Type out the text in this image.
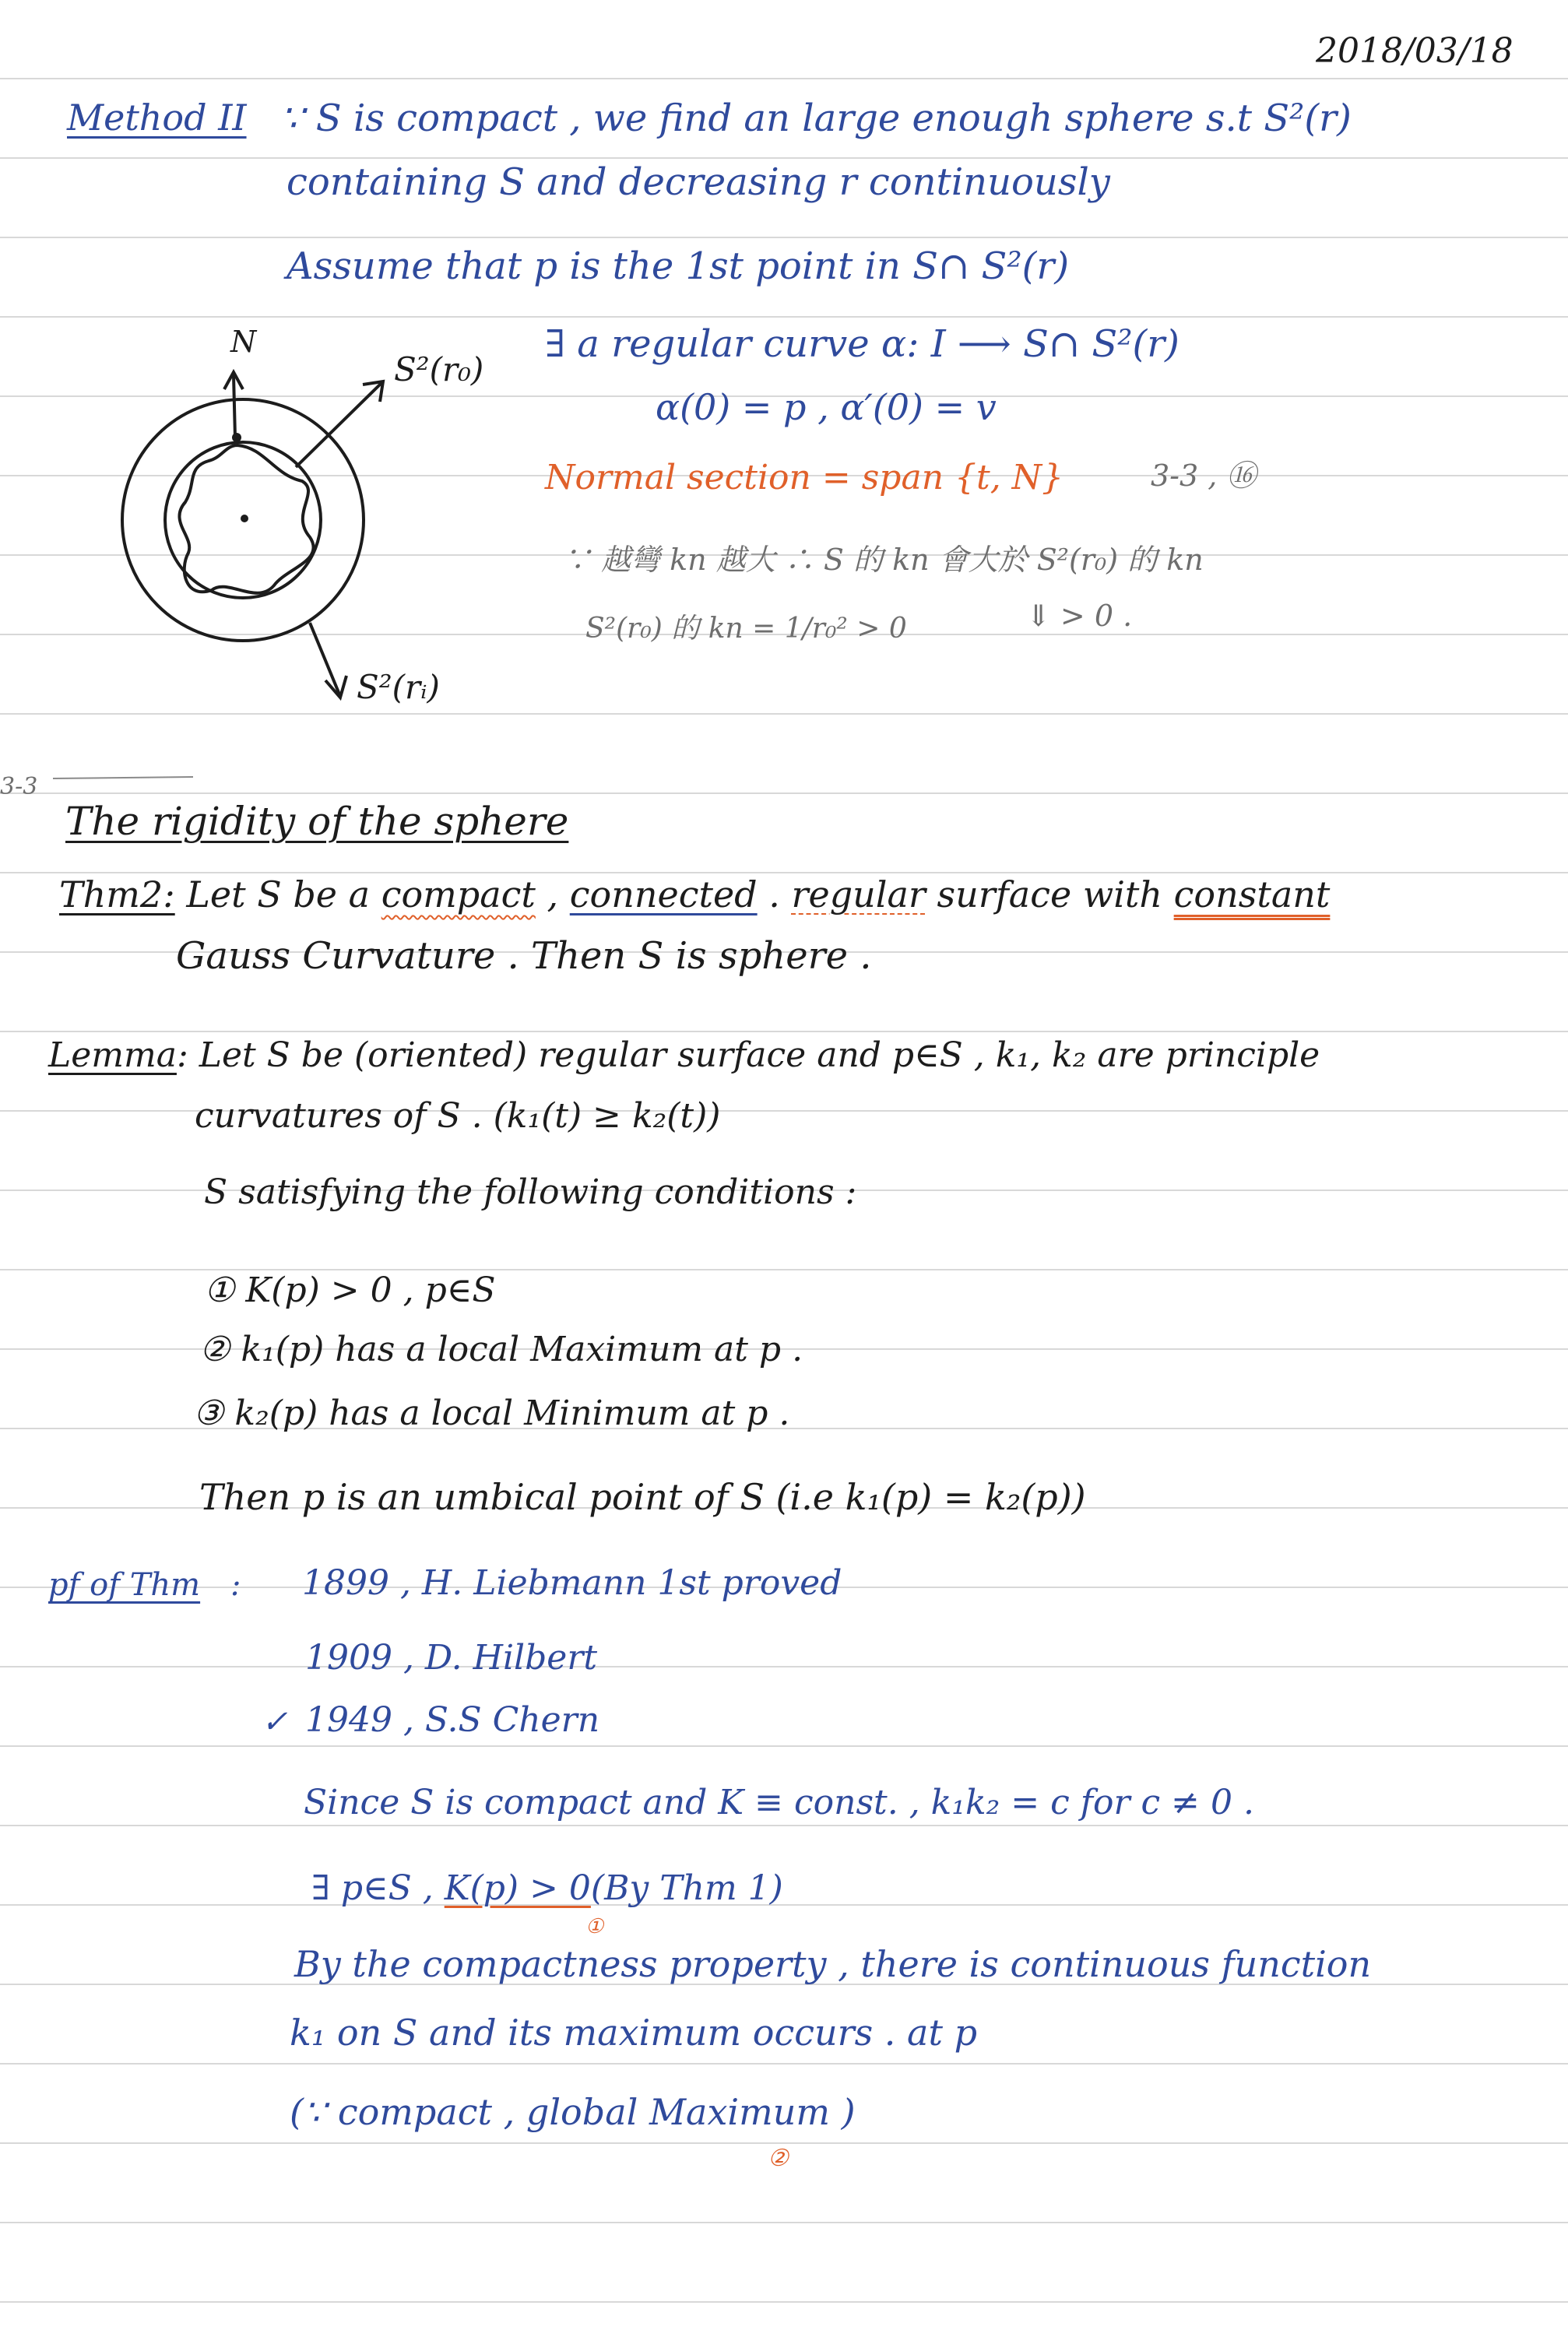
2018/03/18
Method II ∵ S is compact , we find an large enough sphere s.t S²(r)
containing S and decreasing r continuously
Assume that p is the 1st point in S∩ S²(r)
∃ a regular curve α: I ⟶ S∩ S²(r)
α(0) = p , α′(0) = v
Normal section = span {t, N}	3-3 , ⑯
∵ 越彎 kn 越大 ∴ S 的 kn 會大於 S²(r₀) 的 kn
S²(r₀) 的 kn = 1/r₀² > 0	⇓ > 0 .
N
S²(r₀)
S²(rᵢ)
3-3
The rigidity of the sphere
Thm2: Let S be a compact , connected . regular surface with constant
Gauss Curvature . Then S is sphere .
Lemma: Let S be (oriented) regular surface and p∈S , k₁, k₂ are principle
curvatures of S . (k₁(t) ≥ k₂(t))
S satisfying the following conditions :
① K(p) > 0 , p∈S
② k₁(p) has a local Maximum at p .
③ k₂(p) has a local Minimum at p .
Then p is an umbical point of S (i.e k₁(p) = k₂(p))
pf of Thm : 1899 , H. Liebmann 1st proved
1909 , D. Hilbert
✓ 1949 , S.S Chern
Since S is compact and K ≡ const. , k₁k₂ = c for c ≠ 0 .
∃ p∈S , K(p) > 0(By Thm 1)
①
By the compactness property , there is continuous function
k₁ on S and its maximum occurs . at p
(∵ compact , global Maximum )
②
